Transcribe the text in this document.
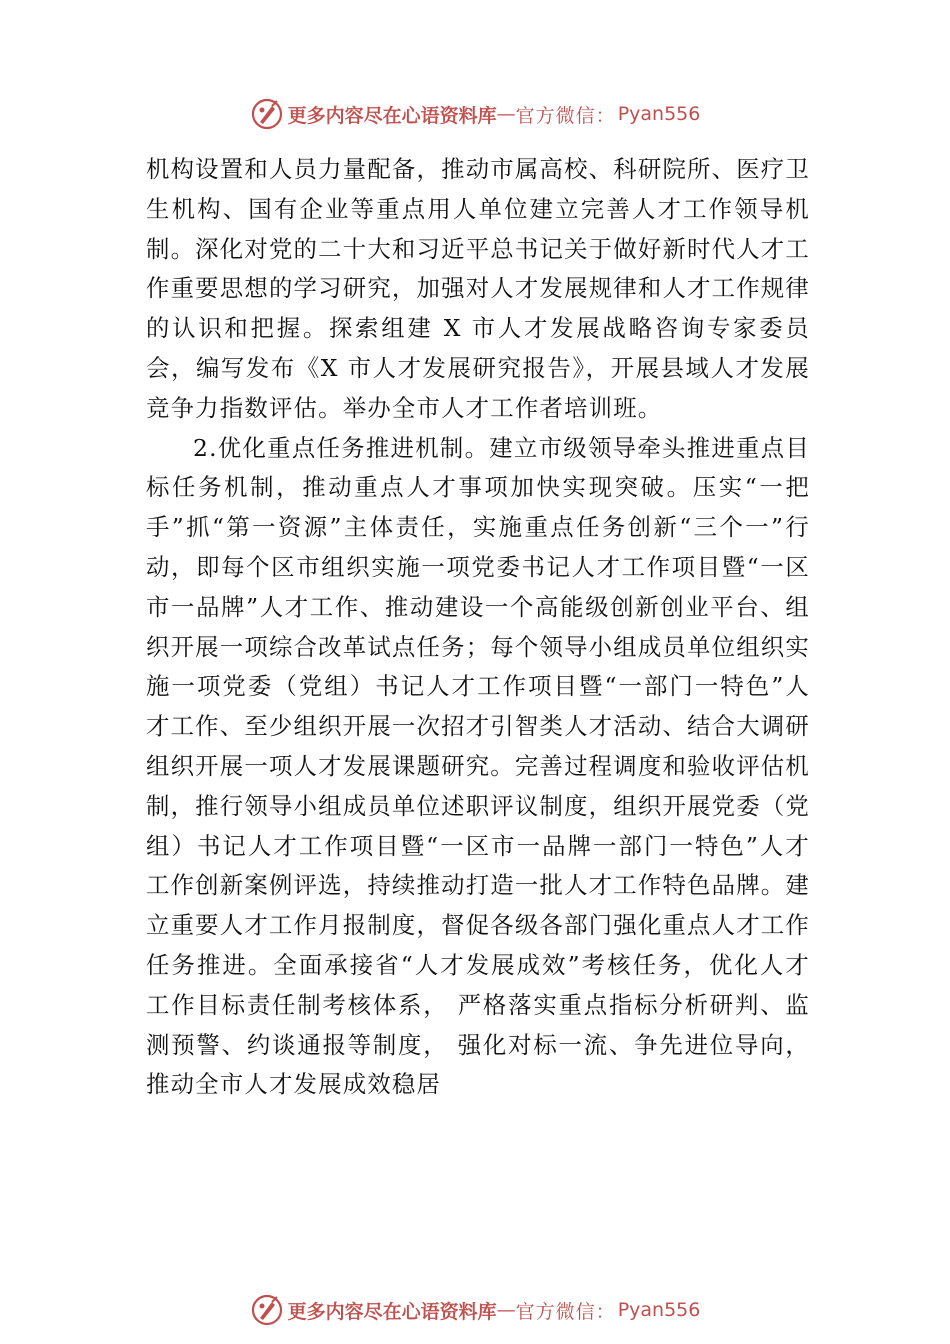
更多内容尽在心语资料库 — 官方微信： Pyan556

机构设置和人员力量配备，推动市属高校、科研院所、医疗卫生机构、国有企业等重点用人单位建立完善人才工作领导机制。深化对党的二十大和习近平总书记关于做好新时代人才工作重要思想的学习研究，加强对人才发展规律和人才工作规律的认识和把握。探索组建 X 市人才发展战略咨询专家委员会，编写发布《X 市人才发展研究报告》，开展县域人才发展竞争力指数评估。举办全市人才工作者培训班。

2.优化重点任务推进机制。建立市级领导牵头推进重点目标任务机制，推动重点人才事项加快实现突破。压实“一把手”抓“第一资源”主体责任，实施重点任务创新“三个一”行动，即每个区市组织实施一项党委书记人才工作项目暨“一区市一品牌”人才工作、推动建设一个高能级创新创业平台、组织开展一项综合改革试点任务；每个领导小组成员单位组织实施一项党委（党组）书记人才工作项目暨“一部门一特色”人才工作、至少组织开展一次招才引智类人才活动、结合大调研组织开展一项人才发展课题研究。完善过程调度和验收评估机制，推行领导小组成员单位述职评议制度，组织开展党委（党组）书记人才工作项目暨“一区市一品牌一部门一特色”人才工作创新案例评选，持续推动打造一批人才工作特色品牌。建立重要人才工作月报制度，督促各级各部门强化重点人才工作任务推进。全面承接省“人才发展成效”考核任务，优化人才工作目标责任制考核体系， 严格落实重点指标分析研判、监测预警、约谈通报等制度， 强化对标一流、争先进位导向，推动全市人才发展成效稳居

更多内容尽在心语资料库 — 官方微信： Pyan556
